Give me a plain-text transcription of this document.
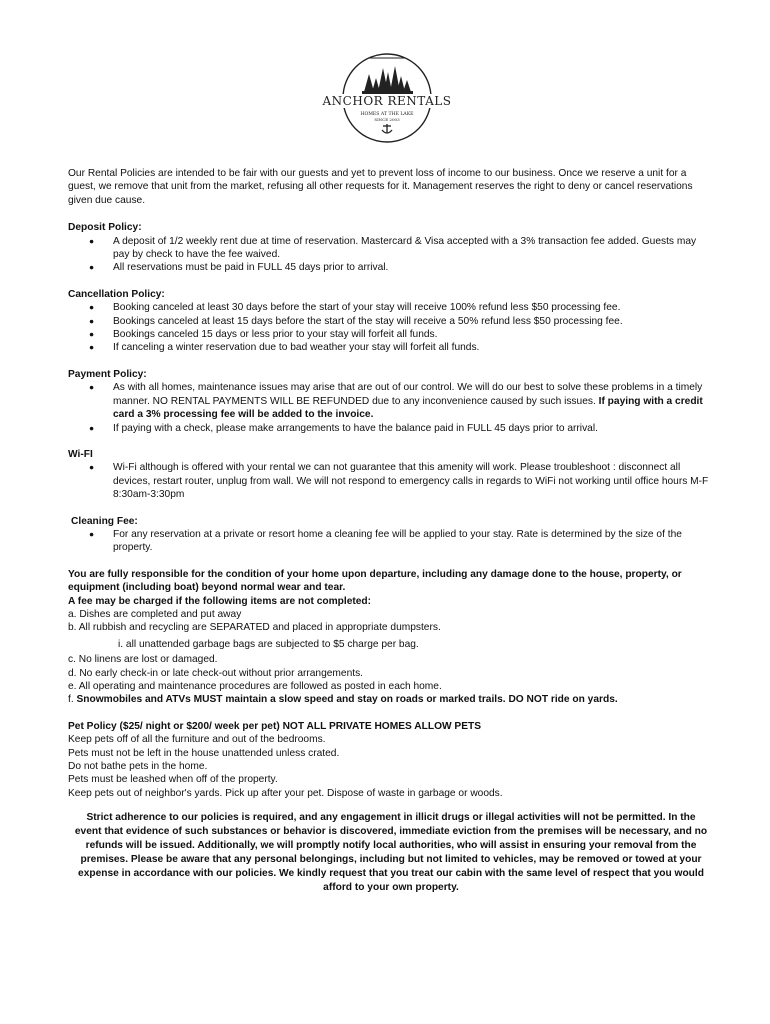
ANCHOR RENTALS
HOMES AT THE LAKE
SINCE 2003

Our Rental Policies are intended to be fair with our guests and yet to prevent loss of income to our business. Once we reserve a unit for a guest, we remove that unit from the market, refusing all other requests for it. Management reserves the right to deny or cancel reservations given due cause.

Deposit Policy:

● A deposit of 1/2 weekly rent due at time of reservation. Mastercard & Visa accepted with a 3% transaction fee added. Guests may pay by check to have the fee waived.
● All reservations must be paid in FULL 45 days prior to arrival.

Cancellation Policy:

● Booking canceled at least 30 days before the start of your stay will receive 100% refund less $50 processing fee.
● Bookings canceled at least 15 days before the start of the stay will receive a 50% refund less $50 processing fee.
● Bookings canceled 15 days or less prior to your stay will forfeit all funds.
● If canceling a winter reservation due to bad weather your stay will forfeit all funds.

Payment Policy:

● As with all homes, maintenance issues may arise that are out of our control. We will do our best to solve these problems in a timely manner. NO RENTAL PAYMENTS WILL BE REFUNDED due to any inconvenience caused by such issues. If paying with a credit card a 3% processing fee will be added to the invoice.
● If paying with a check, please make arrangements to have the balance paid in FULL 45 days prior to arrival.

Wi-FI

● Wi-Fi although is offered with your rental we can not guarantee that this amenity will work. Please troubleshoot : disconnect all devices, restart router, unplug from wall. We will not respond to emergency calls in regards to WiFi not working until office hours M-F 8:30am-3:30pm

Cleaning Fee:

● For any reservation at a private or resort home a cleaning fee will be applied to your stay. Rate is determined by the size of the property.

You are fully responsible for the condition of your home upon departure, including any damage done to the house, property, or equipment (including boat) beyond normal wear and tear.

A fee may be charged if the following items are not completed:

a. Dishes are completed and put away

b. All rubbish and recycling are SEPARATED and placed in appropriate dumpsters.

i. all unattended garbage bags are subjected to $5 charge per bag.

c. No linens are lost or damaged.

d. No early check-in or late check-out without prior arrangements.

e. All operating and maintenance procedures are followed as posted in each home.

f. Snowmobiles and ATVs MUST maintain a slow speed and stay on roads or marked trails. DO NOT ride on yards.

Pet Policy ($25/ night or $200/ week per pet) NOT ALL PRIVATE HOMES ALLOW PETS

Keep pets off of all the furniture and out of the bedrooms.

Pets must not be left in the house unattended unless crated.

Do not bathe pets in the home.

Pets must be leashed when off of the property.

Keep pets out of neighbor's yards. Pick up after your pet. Dispose of waste in garbage or woods.

Strict adherence to our policies is required, and any engagement in illicit drugs or illegal activities will not be permitted. In the event that evidence of such substances or behavior is discovered, immediate eviction from the premises will be necessary, and no refunds will be issued. Additionally, we will promptly notify local authorities, who will assist in ensuring your removal from the premises. Please be aware that any personal belongings, including but not limited to vehicles, may be removed or towed at your expense in accordance with our policies. We kindly request that you treat our cabin with the same level of respect that you would afford to your own property.
